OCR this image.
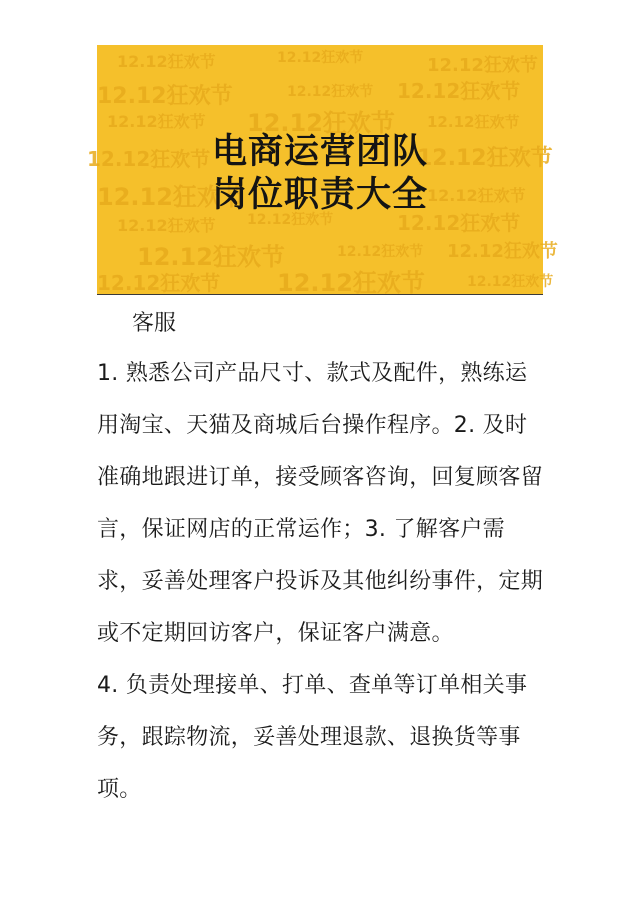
12.12狂欢节	12.12狂欢节	12.12狂欢节
12.12狂欢节	12.12狂欢节 12.12狂欢节
12.12狂欢节 12.12狂欢节 12.12狂欢节
12.12狂欢节	12.12狂欢节
12.12狂欢节	12.12狂欢节
12.12狂欢节 12.12狂欢节	12.12狂欢节
12.12狂欢节	12.12狂欢节 12.12狂欢节
12.12狂欢节 12.12狂欢节	12.12狂欢节
电商运营团队
岗位职责大全

客服

1. 熟悉公司产品尺寸、款式及配件，熟练运用淘宝、天猫及商城后台操作程序。2. 及时准确地跟进订单，接受顾客咨询，回复顾客留言，保证网店的正常运作；3. 了解客户需求，妥善处理客户投诉及其他纠纷事件，定期或不定期回访客户，保证客户满意。

4. 负责处理接单、打单、查单等订单相关事务，跟踪物流，妥善处理退款、退换货等事项。
